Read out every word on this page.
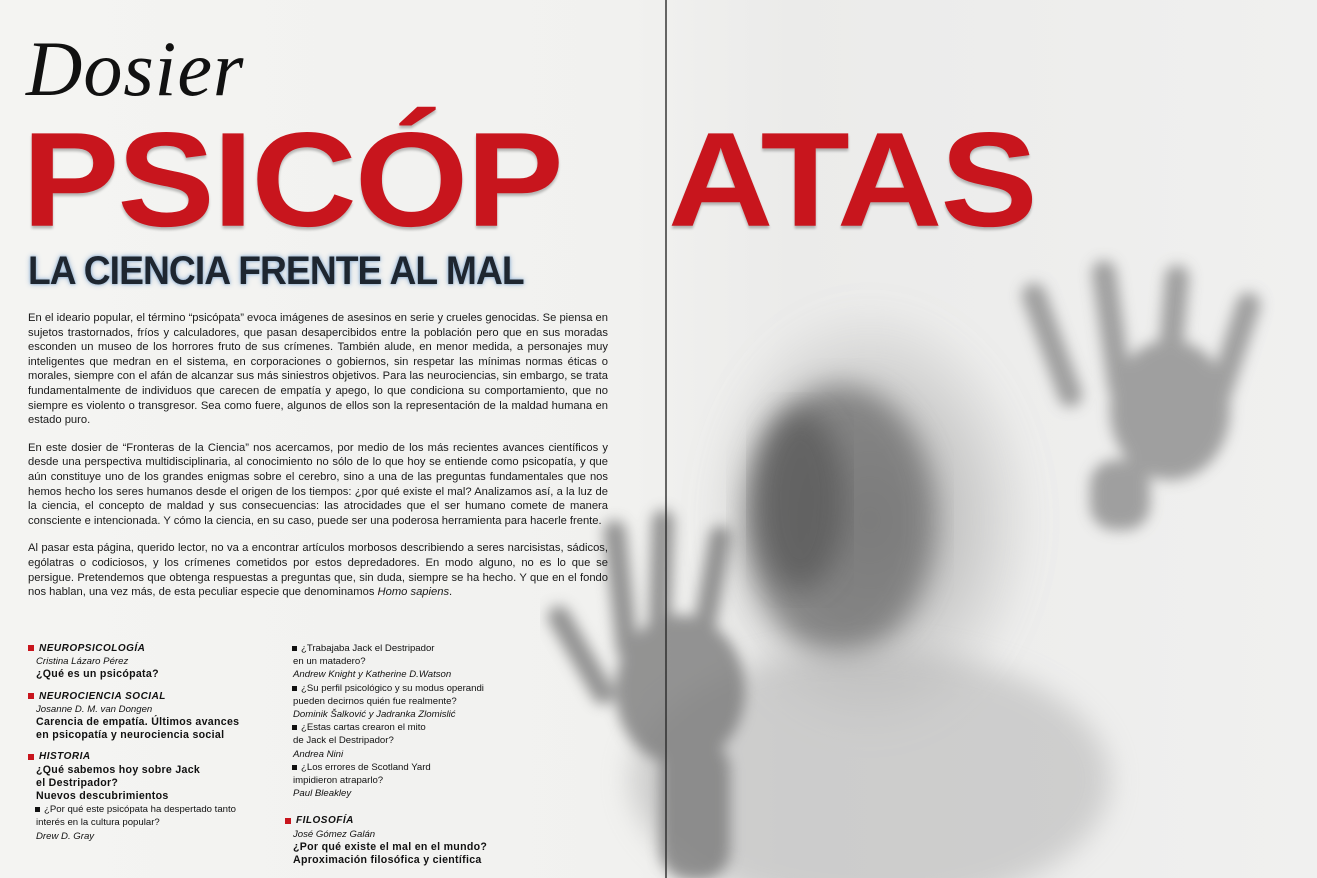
Dosier
PSICÓP ATAS
LA CIENCIA FRENTE AL MAL

En el ideario popular, el término “psicópata” evoca imágenes de asesinos en serie y crueles genocidas. Se piensa en sujetos trastornados, fríos y calculadores, que pasan desapercibidos entre la población pero que en sus moradas esconden un museo de los horrores fruto de sus crímenes. También alude, en menor medida, a personajes muy inteligentes que medran en el sistema, en corporaciones o gobiernos, sin respetar las mínimas normas éticas o morales, siempre con el afán de alcanzar sus más siniestros objetivos. Para las neurociencias, sin embargo, se trata fundamentalmente de individuos que carecen de empatía y apego, lo que condiciona su comportamiento, que no siempre es violento o transgresor. Sea como fuere, algunos de ellos son la representación de la maldad humana en estado puro.

En este dosier de “Fronteras de la Ciencia” nos acercamos, por medio de los más recientes avances científicos y desde una perspectiva multidisciplinaria, al conocimiento no sólo de lo que hoy se entiende como psicopatía, y que aún constituye uno de los grandes enigmas sobre el cerebro, sino a una de las preguntas fundamentales que nos hemos hecho los seres humanos desde el origen de los tiempos: ¿por qué existe el mal? Analizamos así, a la luz de la ciencia, el concepto de maldad y sus consecuencias: las atrocidades que el ser humano comete de manera consciente e intencionada. Y cómo la ciencia, en su caso, puede ser una poderosa herramienta para hacerle frente.

Al pasar esta página, querido lector, no va a encontrar artículos morbosos describiendo a seres narcisistas, sádicos, ególatras o codiciosos, y los crímenes cometidos por estos depredadores. En modo alguno, no es lo que se persigue. Pretendemos que obtenga respuestas a preguntas que, sin duda, siempre se ha hecho. Y que en el fondo nos hablan, una vez más, de esta peculiar especie que denominamos Homo sapiens.

NEUROPSICOLOGÍA
Cristina Lázaro Pérez
¿Qué es un psicópata?
NEUROCIENCIA SOCIAL
Josanne D. M. van Dongen
Carencia de empatía. Últimos avances
en psicopatía y neurociencia social
HISTORIA
¿Qué sabemos hoy sobre Jack
el Destripador?
Nuevos descubrimientos
¿Por qué este psicópata ha despertado tanto
interés en la cultura popular?
Drew D. Gray
¿Trabajaba Jack el Destripador
en un matadero?
Andrew Knight y Katherine D.Watson
¿Su perfil psicológico y su modus operandi
pueden decirnos quién fue realmente?
Dominik Šalković y Jadranka Zlomislić
¿Estas cartas crearon el mito
de Jack el Destripador?
Andrea Nini
¿Los errores de Scotland Yard
impidieron atraparlo?
Paul Bleakley
FILOSOFÍA
José Gómez Galán
¿Por qué existe el mal en el mundo?
Aproximación filosófica y científica
